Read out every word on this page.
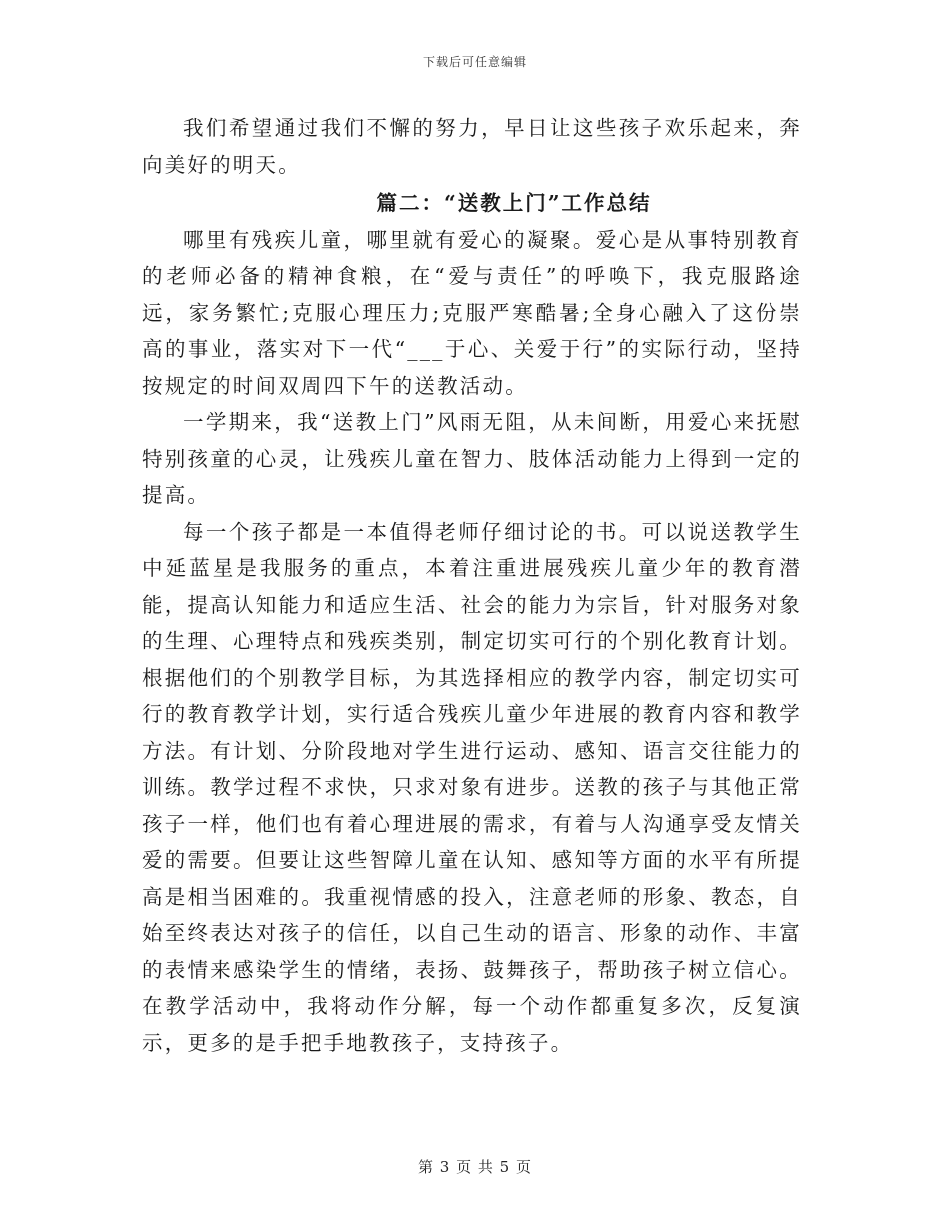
下载后可任意编辑

我们希望通过我们不懈的努力，早日让这些孩子欢乐起来，奔向美好的明天。

篇二：“送教上门”工作总结

哪里有残疾儿童，哪里就有爱心的凝聚。爱心是从事特别教育的老师必备的精神食粮，在“爱与责任”的呼唤下，我克服路途远，家务繁忙;克服心理压力;克服严寒酷暑;全身心融入了这份崇高的事业，落实对下一代“___于心、关爱于行”的实际行动，坚持按规定的时间双周四下午的送教活动。

一学期来，我“送教上门”风雨无阻，从未间断，用爱心来抚慰特别孩童的心灵，让残疾儿童在智力、肢体活动能力上得到一定的提高。

每一个孩子都是一本值得老师仔细讨论的书。可以说送教学生中延蓝星是我服务的重点，本着注重进展残疾儿童少年的教育潜能，提高认知能力和适应生活、社会的能力为宗旨，针对服务对象的生理、心理特点和残疾类别，制定切实可行的个别化教育计划。根据他们的个别教学目标，为其选择相应的教学内容，制定切实可行的教育教学计划，实行适合残疾儿童少年进展的教育内容和教学方法。有计划、分阶段地对学生进行运动、感知、语言交往能力的训练。教学过程不求快，只求对象有进步。送教的孩子与其他正常孩子一样，他们也有着心理进展的需求，有着与人沟通享受友情关爱的需要。但要让这些智障儿童在认知、感知等方面的水平有所提高是相当困难的。我重视情感的投入，注意老师的形象、教态，自始至终表达对孩子的信任，以自己生动的语言、形象的动作、丰富的表情来感染学生的情绪，表扬、鼓舞孩子，帮助孩子树立信心。在教学活动中，我将动作分解，每一个动作都重复多次，反复演示，更多的是手把手地教孩子，支持孩子。

第 3 页 共 5 页
